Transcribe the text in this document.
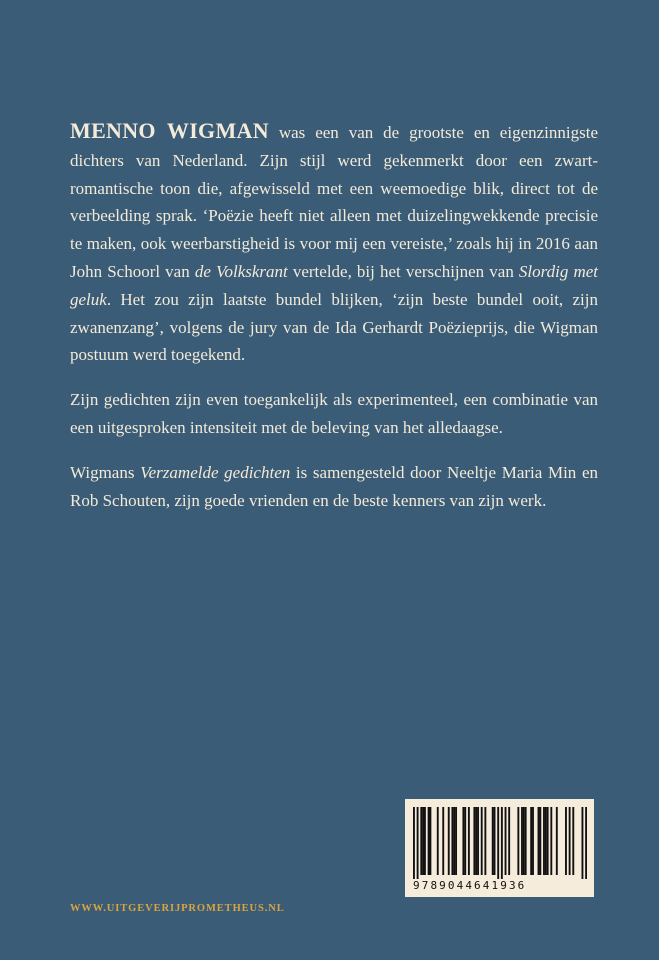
MENNO WIGMAN was een van de grootste en eigenzinnigste dichters van Nederland. Zijn stijl werd gekenmerkt door een zwart-romantische toon die, afgewisseld met een weemoedige blik, direct tot de verbeelding sprak. ‘Poëzie heeft niet alleen met duizelingwekkende precisie te maken, ook weerbarstigheid is voor mij een vereiste,’ zoals hij in 2016 aan John Schoorl van de Volkskrant vertelde, bij het verschijnen van Slordig met geluk. Het zou zijn laatste bundel blijken, ‘zijn beste bundel ooit, zijn zwanenzang’, volgens de jury van de Ida Gerhardt Poëzieprijs, die Wigman postuum werd toegekend.

Zijn gedichten zijn even toegankelijk als experimenteel, een combinatie van een uitgesproken intensiteit met de beleving van het alledaagse.

Wigmans Verzamelde gedichten is samengesteld door Neeltje Maria Min en Rob Schouten, zijn goede vrienden en de beste kenners van zijn werk.

9789044641936
WWW.UITGEVERIJPROMETHEUS.NL
